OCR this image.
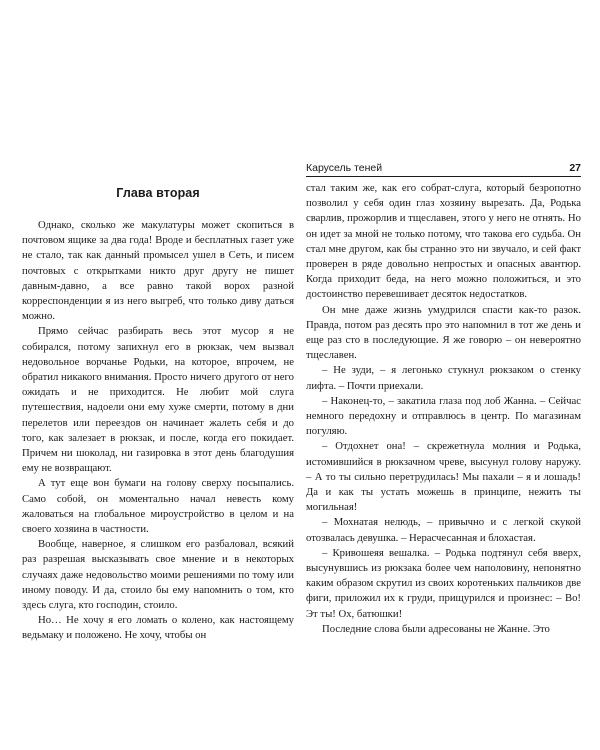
Глава вторая

Однако, сколько же макулатуры может скопиться в почтовом ящике за два года! Вроде и бесплатных газет уже не стало, так как данный промысел ушел в Сеть, и писем почтовых с открытками никто друг другу не пишет давным-давно, а все равно такой ворох разной корреспонденции я из него выгреб, что только диву даться можно.

Прямо сейчас разбирать весь этот мусор я не собирался, потому запихнул его в рюкзак, чем вызвал недовольное ворчанье Родьки, на которое, впрочем, не обратил никакого внимания. Просто ничего другого от него ожидать и не приходится. Не любит мой слуга путешествия, надоели они ему хуже смерти, потому в дни перелетов или переездов он начинает жалеть себя и до того, как залезает в рюкзак, и после, когда его покидает. Причем ни шоколад, ни газировка в этот день благодушия ему не возвращают.

А тут еще вон бумаги на голову сверху посыпались. Само собой, он моментально начал невесть кому жаловаться на глобальное мироустройство в целом и на своего хозяина в частности.

Вообще, наверное, я слишком его разбаловал, всякий раз разрешая высказывать свое мнение и в некоторых случаях даже недовольство моими решениями по тому или иному поводу. И да, стоило бы ему напомнить о том, кто здесь слуга, кто господин, стоило.

Но… Не хочу я его ломать о колено, как настоящему ведьмаку и положено. Не хочу, чтобы он

Карусель теней	27

стал таким же, как его собрат-слуга, который безропотно позволил у себя один глаз хозяину вырезать. Да, Родька сварлив, прожорлив и тщеславен, этого у него не отнять. Но он идет за мной не только потому, что такова его судьба. Он стал мне другом, как бы странно это ни звучало, и сей факт проверен в ряде довольно непростых и опасных авантюр. Когда приходит беда, на него можно положиться, и это достоинство перевешивает десяток недостатков.

Он мне даже жизнь умудрился спасти как-то разок. Правда, потом раз десять про это напомнил в тот же день и еще раз сто в последующие. Я же говорю – он невероятно тщеславен.

– Не зуди, – я легонько стукнул рюкзаком о стенку лифта. – Почти приехали.

– Наконец-то, – закатила глаза под лоб Жанна. – Сейчас немного передохну и отправлюсь в центр. По магазинам погуляю.

– Отдохнет она! – скрежетнула молния и Родька, истомившийся в рюкзачном чреве, высунул голову наружу. – А то ты сильно перетрудилась! Мы пахали – я и лошадь! Да и как ты устать можешь в принципе, нежить ты могильная!

– Мохнатая нелюдь, – привычно и с легкой скукой отозвалась девушка. – Нерасчесанная и блохастая.

– Кривошеяя вешалка. – Родька подтянул себя вверх, высунувшись из рюкзака более чем наполовину, непонятно каким образом скрутил из своих коротеньких пальчиков две фиги, приложил их к груди, прищурился и произнес: – Во! Эт ты! Ох, батюшки!

Последние слова были адресованы не Жанне. Это
